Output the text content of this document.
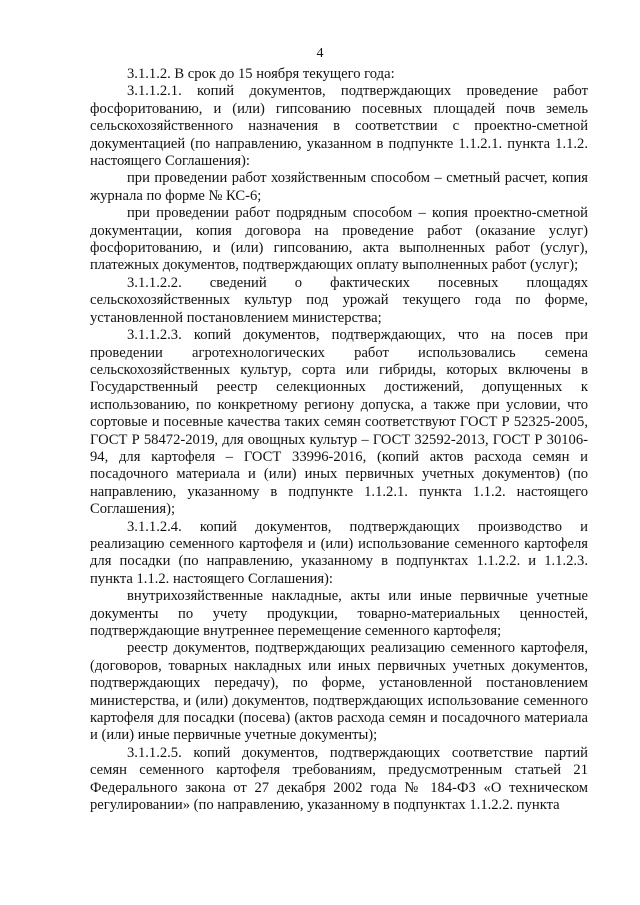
4

3.1.1.2. В срок до 15 ноября текущего года:

3.1.1.2.1. копий документов, подтверждающих проведение работ фосфоритованию, и (или) гипсованию посевных площадей почв земель сельскохозяйственного назначения в соответствии с проектно-сметной документацией (по направлению, указанном в подпункте 1.1.2.1. пункта 1.1.2. настоящего Соглашения):

при проведении работ хозяйственным способом – сметный расчет, копия журнала по форме № КС-6;

при проведении работ подрядным способом – копия проектно-сметной документации, копия договора на проведение работ (оказание услуг) фосфоритованию, и (или) гипсованию, акта выполненных работ (услуг), платежных документов, подтверждающих оплату выполненных работ (услуг);

3.1.1.2.2. сведений о фактических посевных площадях сельскохозяйственных культур под урожай текущего года по форме, установленной постановлением министерства;

3.1.1.2.3. копий документов, подтверждающих, что на посев при проведении агротехнологических работ использовались семена сельскохозяйственных культур, сорта или гибриды, которых включены в Государственный реестр селекционных достижений, допущенных к использованию, по конкретному региону допуска, а также при условии, что сортовые и посевные качества таких семян соответствуют ГОСТ Р 52325-2005, ГОСТ Р 58472-2019, для овощных культур – ГОСТ 32592-2013, ГОСТ Р 30106-94, для картофеля – ГОСТ 33996-2016, (копий актов расхода семян и посадочного материала и (или) иных первичных учетных документов) (по направлению, указанному в подпункте 1.1.2.1. пункта 1.1.2. настоящего Соглашения);

3.1.1.2.4. копий документов, подтверждающих производство и реализацию семенного картофеля и (или) использование семенного картофеля для посадки (по направлению, указанному в подпунктах 1.1.2.2. и 1.1.2.3. пункта 1.1.2. настоящего Соглашения):

внутрихозяйственные накладные, акты или иные первичные учетные документы по учету продукции, товарно-материальных ценностей, подтверждающие внутреннее перемещение семенного картофеля;

реестр документов, подтверждающих реализацию семенного картофеля, (договоров, товарных накладных или иных первичных учетных документов, подтверждающих передачу), по форме, установленной постановлением министерства, и (или) документов, подтверждающих использование семенного картофеля для посадки (посева) (актов расхода семян и посадочного материала и (или) иные первичные учетные документы);

3.1.1.2.5. копий документов, подтверждающих соответствие партий семян семенного картофеля требованиям, предусмотренным статьей 21 Федерального закона от 27 декабря 2002 года № 184-ФЗ «О техническом регулировании» (по направлению, указанному в подпунктах 1.1.2.2. пункта
